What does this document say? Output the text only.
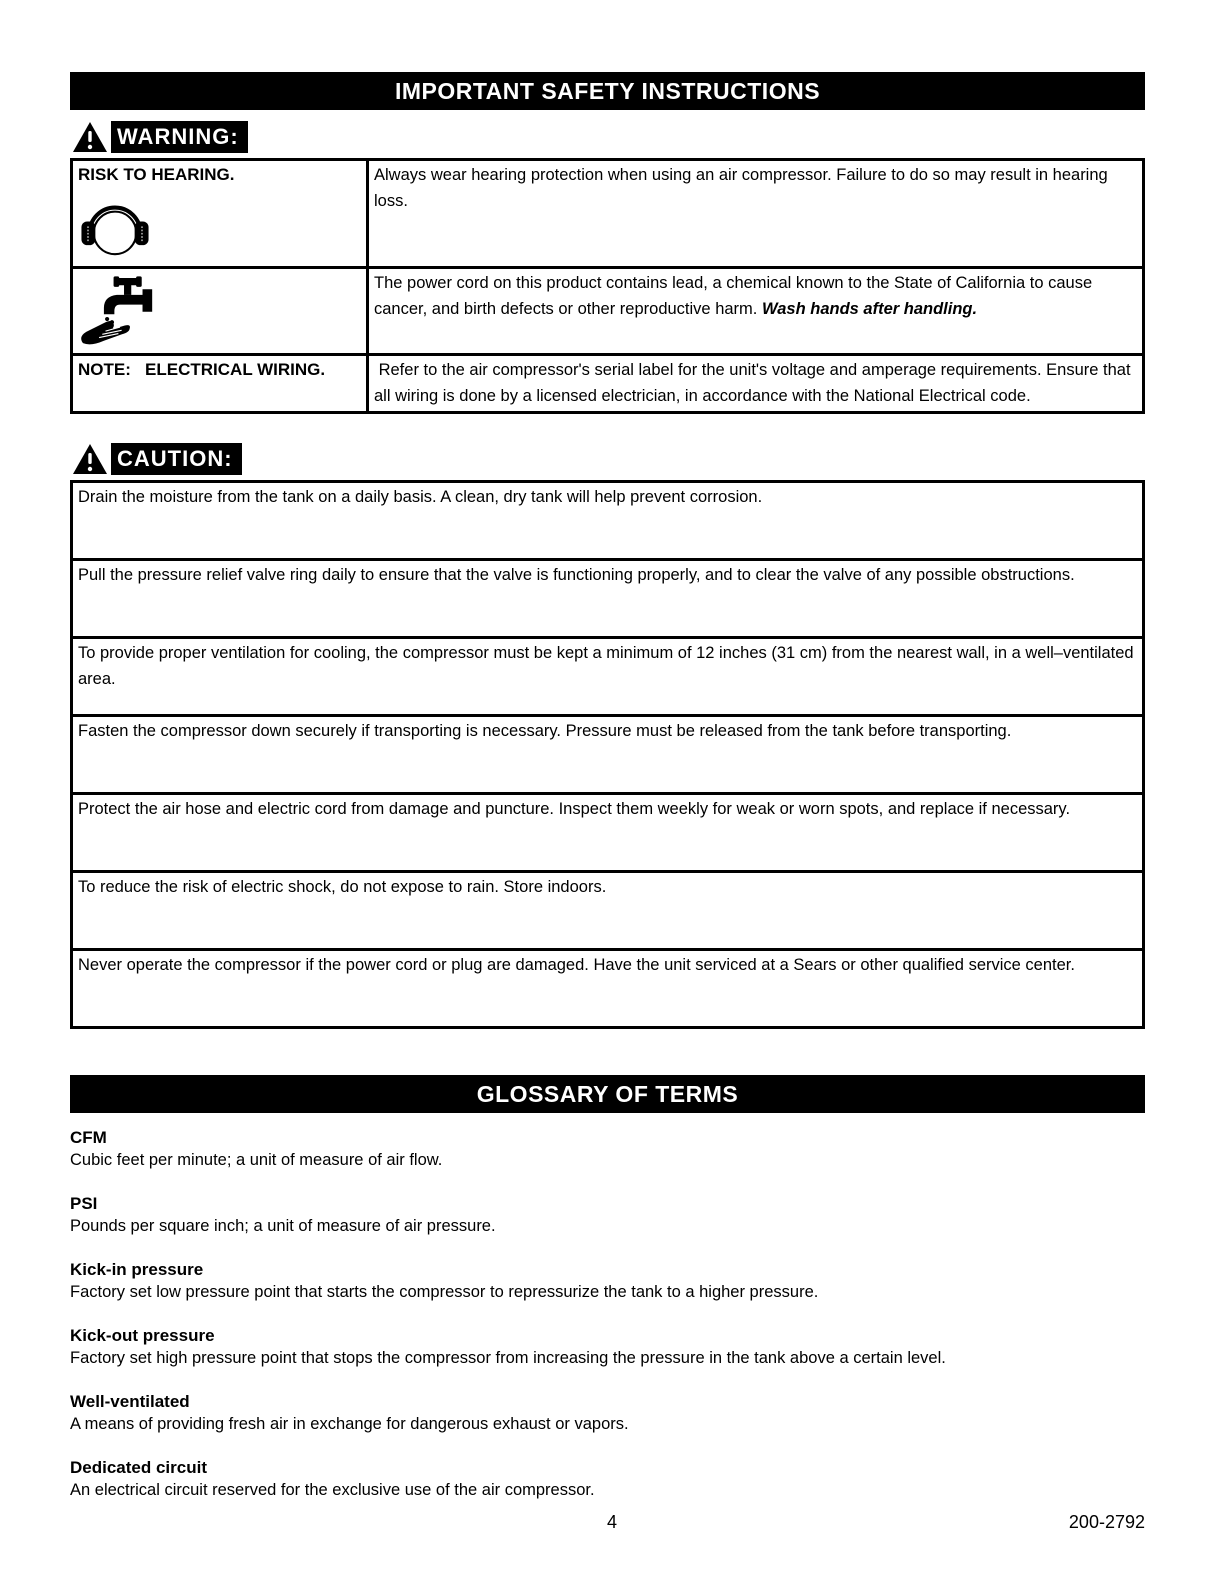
IMPORTANT SAFETY INSTRUCTIONS
WARNING:
RISK TO HEARING.	Always wear hearing protection when using an air compressor. Failure to do so may result in hearing loss.

	The power cord on this product contains lead, a chemical known to the State of California to cause cancer, and birth defects or other reproductive harm. Wash hands after handling.

NOTE:   ELECTRICAL WIRING.	Refer to the air compressor's serial label for the unit's voltage and amperage requirements. Ensure that all wiring is done by a licensed electrician, in accordance with the National Electrical code.
CAUTION:
Drain the moisture from the tank on a daily basis. A clean, dry tank will help prevent corrosion.
Pull the pressure relief valve ring daily to ensure that the valve is functioning properly, and to clear the valve of any possible obstructions.
To provide proper ventilation for cooling, the compressor must be kept a minimum of 12 inches (31 cm) from the nearest wall, in a well–ventilated area.
Fasten the compressor down securely if transporting is necessary. Pressure must be released from the tank before transporting.
Protect the air hose and electric cord from damage and puncture. Inspect them weekly for weak or worn spots, and replace if necessary.
To reduce the risk of electric shock, do not expose to rain. Store indoors.
Never operate the compressor if the power cord or plug are damaged. Have the unit serviced at a Sears or other qualified service center.
GLOSSARY OF TERMS
CFM
Cubic feet per minute; a unit of measure of air flow.
PSI
Pounds per square inch; a unit of measure of air pressure.
Kick-in pressure
Factory set low pressure point that starts the compressor to repressurize the tank to a higher pressure.
Kick-out pressure
Factory set high pressure point that stops the compressor from increasing the pressure in the tank above a certain level.
Well-ventilated
A means of providing fresh air in exchange for dangerous exhaust or vapors.
Dedicated circuit
An electrical circuit reserved for the exclusive use of the air compressor.
4	200-2792
